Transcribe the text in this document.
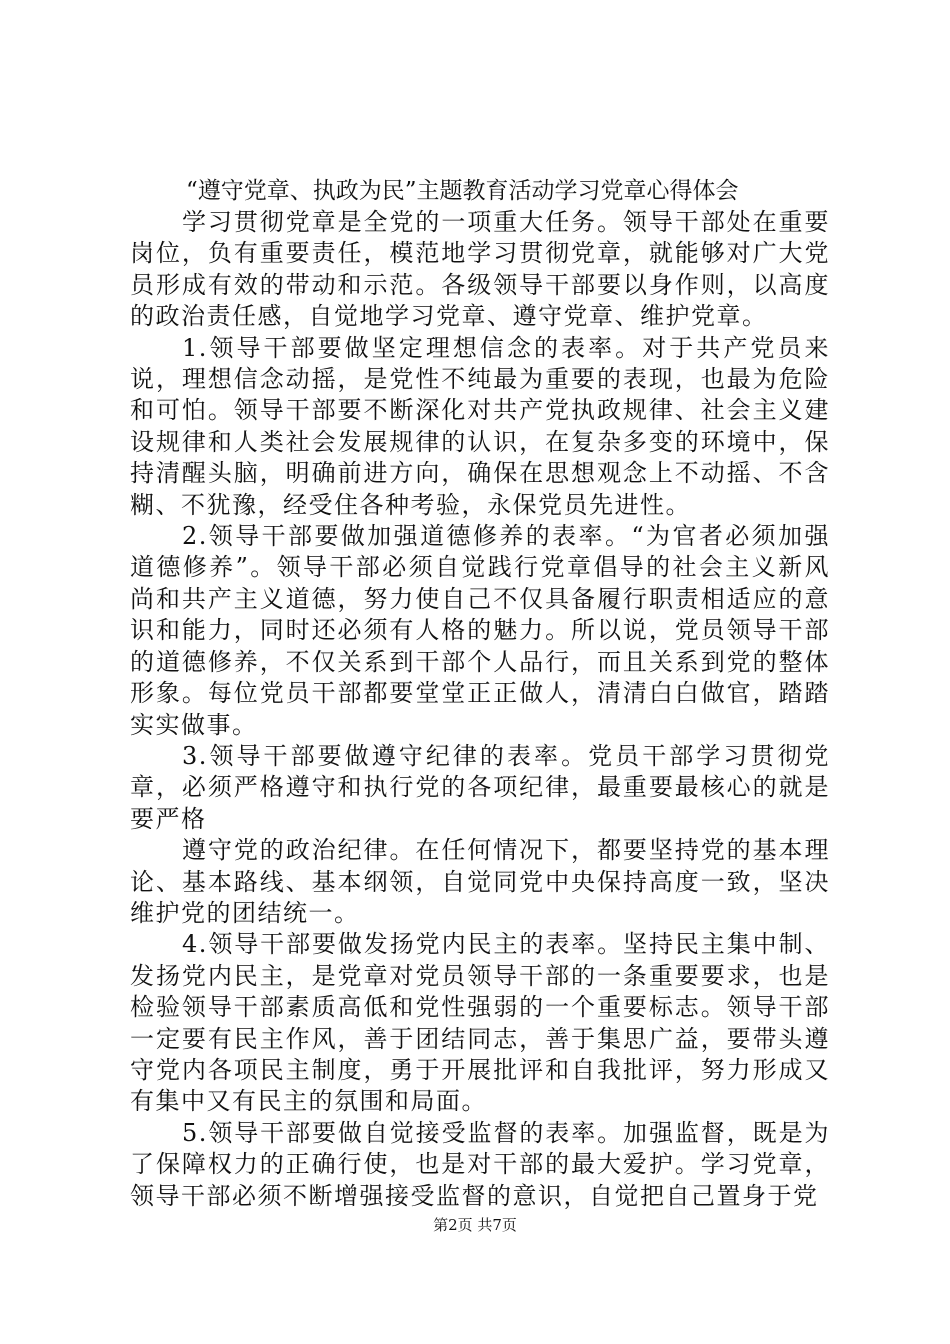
“遵守党章、执政为民”主题教育活动学习党章心得体会

学习贯彻党章是全党的一项重大任务。领导干部处在重要岗位，负有重要责任，模范地学习贯彻党章，就能够对广大党员形成有效的带动和示范。各级领导干部要以身作则，以高度的政治责任感，自觉地学习党章、遵守党章、维护党章。

1.领导干部要做坚定理想信念的表率。对于共产党员来说，理想信念动摇，是党性不纯最为重要的表现，也最为危险和可怕。领导干部要不断深化对共产党执政规律、社会主义建设规律和人类社会发展规律的认识，在复杂多变的环境中，保持清醒头脑，明确前进方向，确保在思想观念上不动摇、不含糊、不犹豫，经受住各种考验，永保党员先进性。

2.领导干部要做加强道德修养的表率。“为官者必须加强道德修养”。领导干部必须自觉践行党章倡导的社会主义新风尚和共产主义道德，努力使自己不仅具备履行职责相适应的意识和能力，同时还必须有人格的魅力。所以说，党员领导干部的道德修养，不仅关系到干部个人品行，而且关系到党的整体形象。每位党员干部都要堂堂正正做人，清清白白做官，踏踏实实做事。

3.领导干部要做遵守纪律的表率。党员干部学习贯彻党章，必须严格遵守和执行党的各项纪律，最重要最核心的就是要严格

遵守党的政治纪律。在任何情况下，都要坚持党的基本理论、基本路线、基本纲领，自觉同党中央保持高度一致，坚决维护党的团结统一。

4.领导干部要做发扬党内民主的表率。坚持民主集中制、发扬党内民主，是党章对党员领导干部的一条重要要求，也是检验领导干部素质高低和党性强弱的一个重要标志。领导干部一定要有民主作风，善于团结同志，善于集思广益，要带头遵守党内各项民主制度，勇于开展批评和自我批评，努力形成又有集中又有民主的氛围和局面。

5.领导干部要做自觉接受监督的表率。加强监督，既是为了保障权力的正确行使，也是对干部的最大爱护。学习党章，领导干部必须不断增强接受监督的意识，自觉把自己置身于党

第2页 共7页
